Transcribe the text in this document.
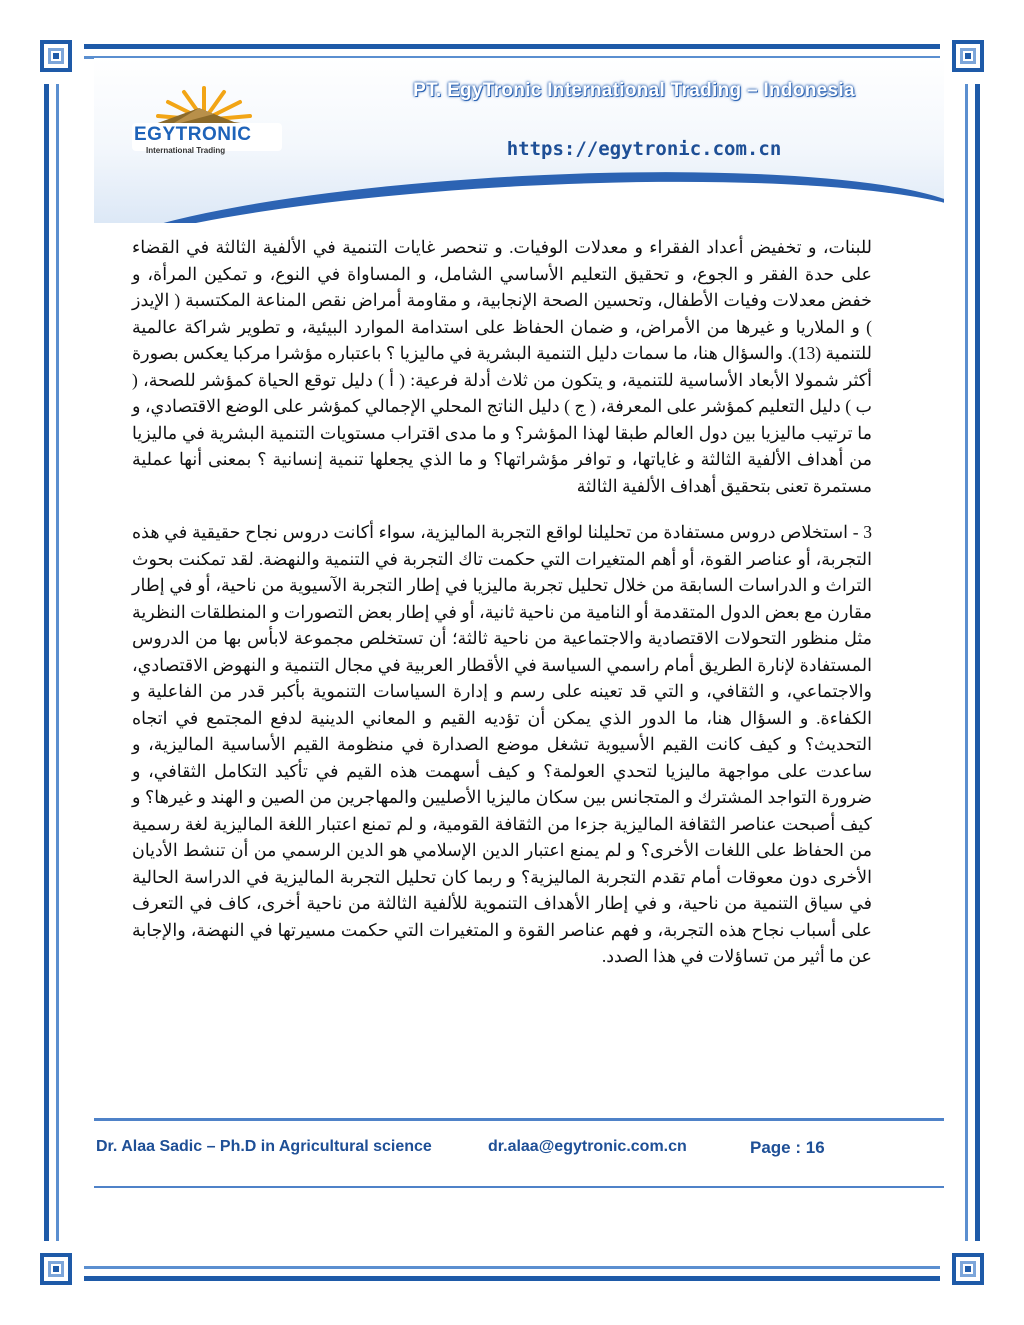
EGYTRONIC
International Trading
PT. EgyTronic International Trading – Indonesia
https://egytronic.com.cn

للبنات، و تخفيض أعداد الفقراء و معدلات الوفيات. و تنحصر غايات التنمية في الألفية الثالثة في القضاء على حدة الفقر و الجوع، و تحقيق التعليم الأساسي الشامل، و المساواة في النوع، و تمكين المرأة، و خفض معدلات وفيات الأطفال، وتحسين الصحة الإنجابية، و مقاومة أمراض نقص المناعة المكتسبة ( الإيدز ) و الملاريا و غيرها من الأمراض، و ضمان الحفاظ على استدامة الموارد البيئية، و تطوير شراكة عالمية للتنمية (13). والسؤال هنا، ما سمات دليل التنمية البشرية في ماليزيا ؟ باعتباره مؤشرا مركبا يعكس بصورة أكثر شمولا الأبعاد الأساسية للتنمية، و يتكون من ثلاث أدلة فرعية: ( أ ) دليل توقع الحياة كمؤشر للصحة، ( ب ) دليل التعليم كمؤشر على المعرفة، ( ج ) دليل الناتج المحلي الإجمالي كمؤشر على الوضع الاقتصادي، و ما ترتيب ماليزيا بين دول العالم طبقا لهذا المؤشر؟ و ما مدى اقتراب مستويات التنمية البشرية في ماليزيا من أهداف الألفية الثالثة و غاياتها، و توافر مؤشراتها؟ و ما الذي يجعلها تنمية إنسانية ؟ بمعنى أنها عملية مستمرة تعنى بتحقيق أهداف الألفية الثالثة

3 - استخلاص دروس مستفادة من تحليلنا لواقع التجربة الماليزية، سواء أكانت دروس نجاح حقيقية في هذه التجربة، أو عناصر القوة، أو أهم المتغيرات التي حكمت تاك التجربة في التنمية والنهضة. لقد تمكنت بحوث التراث و الدراسات السابقة من خلال تحليل تجربة ماليزيا في إطار التجربة الآسيوية من ناحية، أو في إطار مقارن مع بعض الدول المتقدمة أو النامية من ناحية ثانية، أو في إطار بعض التصورات و المنطلقات النظرية مثل منظور التحولات الاقتصادية والاجتماعية من ناحية ثالثة؛ أن تستخلص مجموعة لابأس بها من الدروس المستفادة لإنارة الطريق أمام راسمي السياسة في الأقطار العربية في مجال التنمية و النهوض الاقتصادي، والاجتماعي، و الثقافي، و التي قد تعينه على رسم و إدارة السياسات التنموية بأكبر قدر من الفاعلية و الكفاءة. و السؤال هنا، ما الدور الذي يمكن أن تؤديه القيم و المعاني الدينية لدفع المجتمع في اتجاه التحديث؟ و كيف كانت القيم الأسيوية تشغل موضع الصدارة في منظومة القيم الأساسية الماليزية، و ساعدت على مواجهة ماليزيا لتحدي العولمة؟ و كيف أسهمت هذه القيم في تأكيد التكامل الثقافي، و ضرورة التواجد المشترك و المتجانس بين سكان ماليزيا الأصليين والمهاجرين من الصين و الهند و غيرها؟ و كيف أصبحت عناصر الثقافة الماليزية جزءا من الثقافة القومية، و لم تمنع اعتبار اللغة الماليزية لغة رسمية من الحفاظ على اللغات الأخرى؟ و لم يمنع اعتبار الدين الإسلامي هو الدين الرسمي من أن تنشط الأديان الأخرى دون معوقات أمام تقدم التجربة الماليزية؟ و ربما كان تحليل التجربة الماليزية في الدراسة الحالية في سياق التنمية من ناحية، و في إطار الأهداف التنموية للألفية الثالثة من ناحية أخرى، كاف في التعرف على أسباب نجاح هذه التجربة، و فهم عناصر القوة و المتغيرات التي حكمت مسيرتها في النهضة، والإجابة عن ما أثير من تساؤلات في هذا الصدد.

Dr. Alaa Sadic – Ph.D in Agricultural science	dr.alaa@egytronic.com.cn	Page : 16
